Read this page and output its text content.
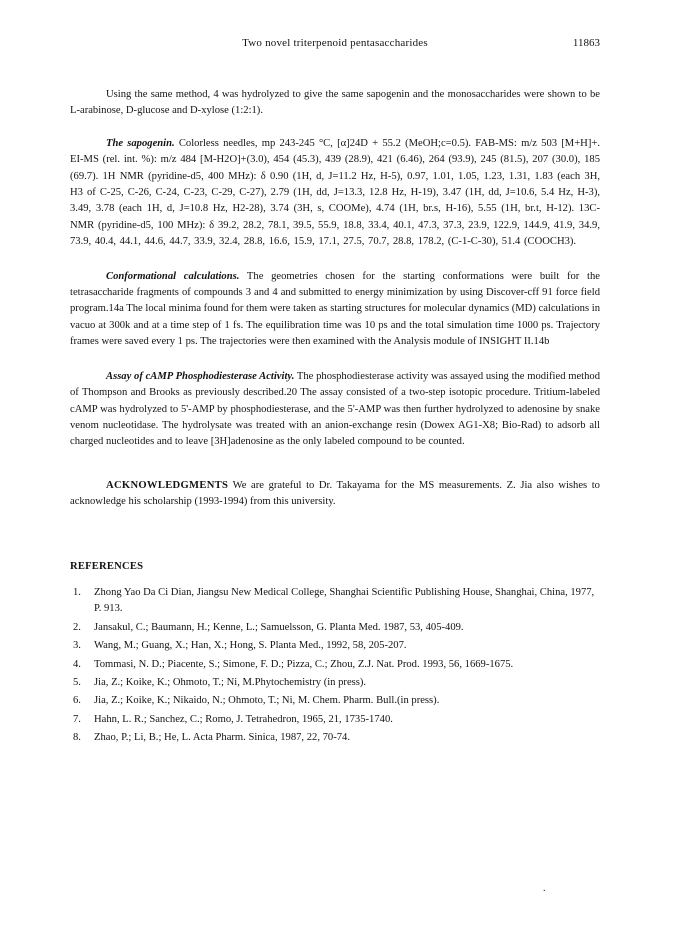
Two novel triterpenoid pentasaccharides	11863

Using the same method, 4 was hydrolyzed to give the same sapogenin and the monosaccharides were shown to be L-arabinose, D-glucose and D-xylose (1:2:1).

The sapogenin. Colorless needles, mp 243-245 °C, [α]24D + 55.2 (MeOH;c=0.5). FAB-MS: m/z 503 [M+H]+. EI-MS (rel. int. %): m/z 484 [M-H2O]+(3.0), 454 (45.3), 439 (28.9), 421 (6.46), 264 (93.9), 245 (81.5), 207 (30.0), 185 (69.7). 1H NMR (pyridine-d5, 400 MHz): δ 0.90 (1H, d, J=11.2 Hz, H-5), 0.97, 1.01, 1.05, 1.23, 1.31, 1.83 (each 3H, H3 of C-25, C-26, C-24, C-23, C-29, C-27), 2.79 (1H, dd, J=13.3, 12.8 Hz, H-19), 3.47 (1H, dd, J=10.6, 5.4 Hz, H-3), 3.49, 3.78 (each 1H, d, J=10.8 Hz, H2-28), 3.74 (3H, s, COOMe), 4.74 (1H, br.s, H-16), 5.55 (1H, br.t, H-12). 13C-NMR (pyridine-d5, 100 MHz): δ 39.2, 28.2, 78.1, 39.5, 55.9, 18.8, 33.4, 40.1, 47.3, 37.3, 23.9, 122.9, 144.9, 41.9, 34.9, 73.9, 40.4, 44.1, 44.6, 44.7, 33.9, 32.4, 28.8, 16.6, 15.9, 17.1, 27.5, 70.7, 28.8, 178.2, (C-1-C-30), 51.4 (COOCH3).

Conformational calculations. The geometries chosen for the starting conformations were built for the tetrasaccharide fragments of compounds 3 and 4 and submitted to energy minimization by using Discover-cff 91 force field program.14a The local minima found for them were taken as starting structures for molecular dynamics (MD) calculations in vacuo at 300k and at a time step of 1 fs. The equilibration time was 10 ps and the total simulation time 1000 ps. Trajectory frames were saved every 1 ps. The trajectories were then examined with the Analysis module of INSIGHT II.14b

Assay of cAMP Phosphodiesterase Activity. The phosphodiesterase activity was assayed using the modified method of Thompson and Brooks as previously described.20 The assay consisted of a two-step isotopic procedure. Tritium-labeled cAMP was hydrolyzed to 5'-AMP by phosphodiesterase, and the 5'-AMP was then further hydrolyzed to adenosine by snake venom nucleotidase. The hydrolysate was treated with an anion-exchange resin (Dowex AG1-X8; Bio-Rad) to adsorb all charged nucleotides and to leave [3H]adenosine as the only labeled compound to be counted.

ACKNOWLEDGMENTS We are grateful to Dr. Takayama for the MS measurements. Z. Jia also wishes to acknowledge his scholarship (1993-1994) from this university.

REFERENCES
1. Zhong Yao Da Ci Dian, Jiangsu New Medical College, Shanghai Scientific Publishing House, Shanghai, China, 1977, P. 913.
2. Jansakul, C.; Baumann, H.; Kenne, L.; Samuelsson, G. Planta Med. 1987, 53, 405-409.
3. Wang, M.; Guang, X.; Han, X.; Hong, S. Planta Med., 1992, 58, 205-207.
4. Tommasi, N. D.; Piacente, S.; Simone, F. D.; Pizza, C.; Zhou, Z.J. Nat. Prod. 1993, 56, 1669-1675.
5. Jia, Z.; Koike, K.; Ohmoto, T.; Ni, M.Phytochemistry (in press).
6. Jia, Z.; Koike, K.; Nikaido, N.; Ohmoto, T.; Ni, M. Chem. Pharm. Bull.(in press).
7. Hahn, L. R.; Sanchez, C.; Romo, J. Tetrahedron, 1965, 21, 1735-1740.
8. Zhao, P.; Li, B.; He, L. Acta Pharm. Sinica, 1987, 22, 70-74.
.
